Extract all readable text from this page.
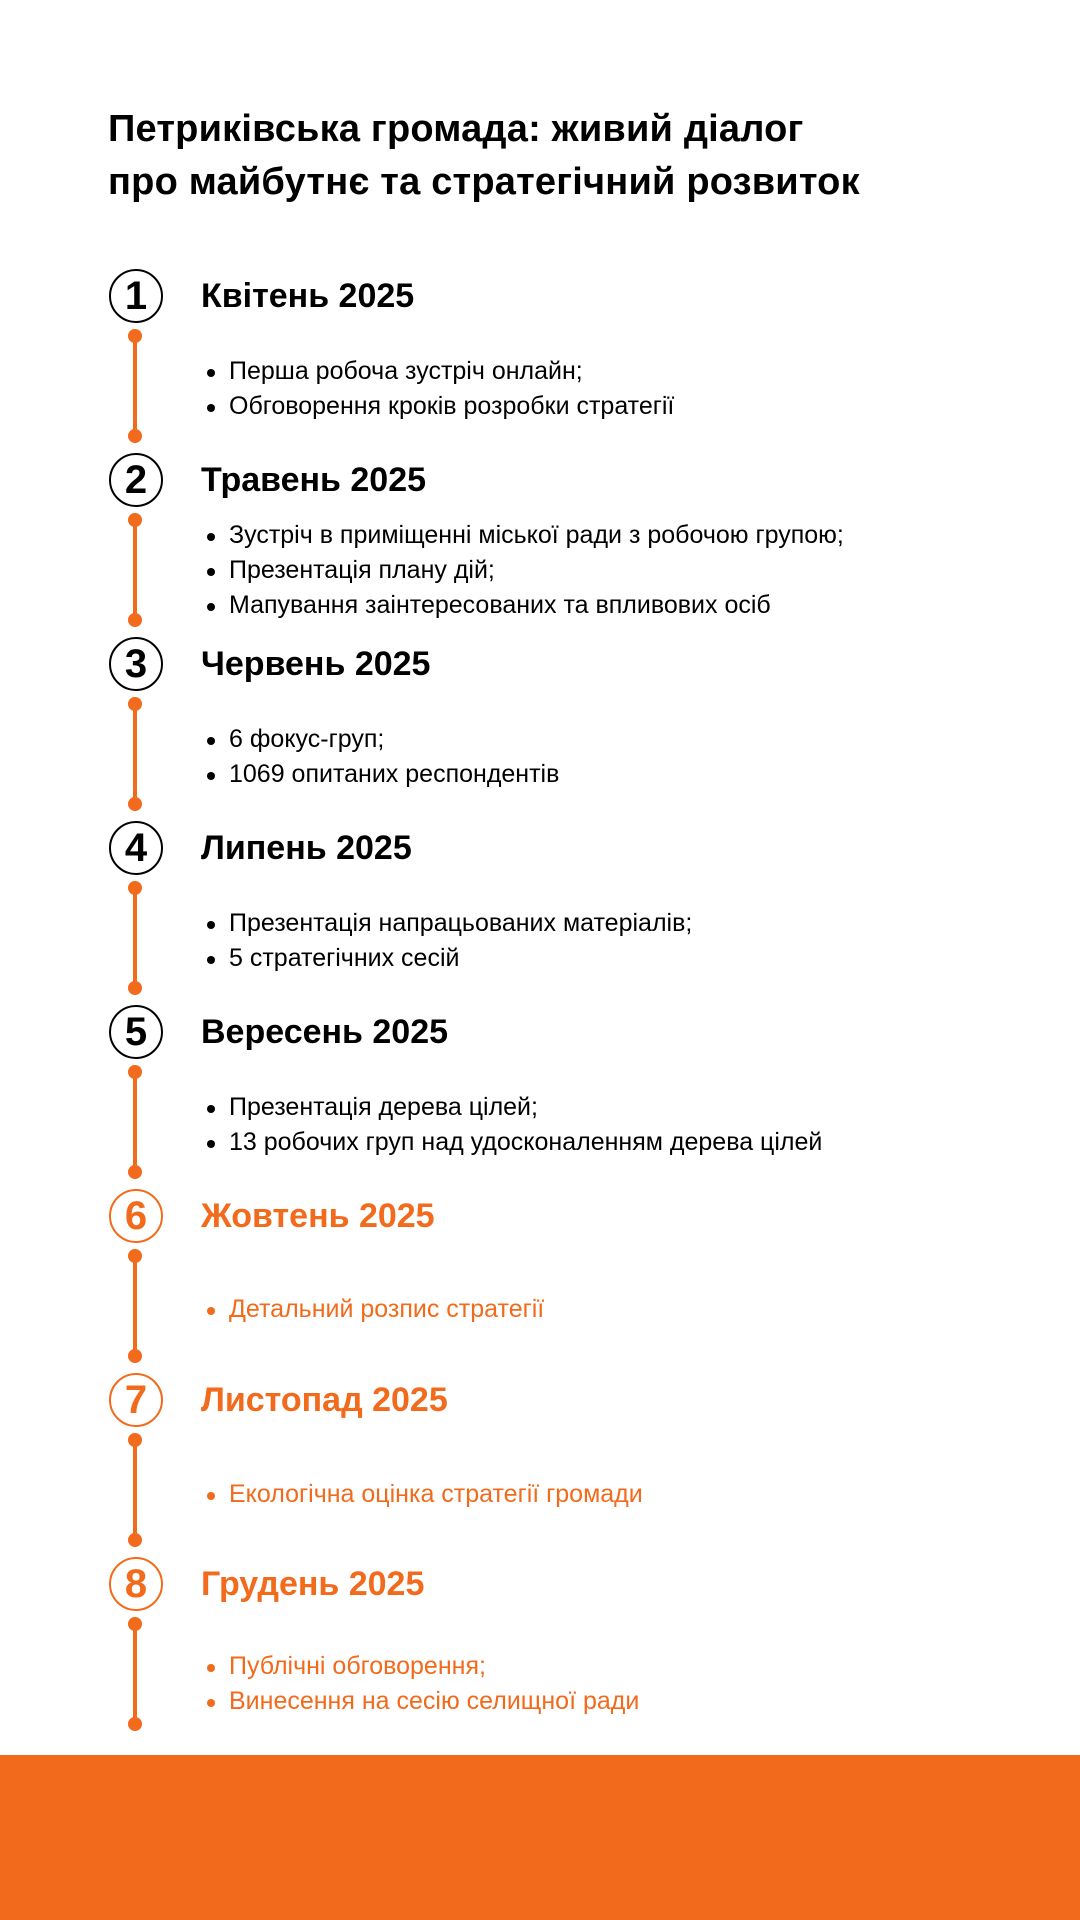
Петриківська громада: живий діалог
про майбутнє та стратегічний розвиток
1	Квітень 2025
Перша робоча зустріч онлайн;
Обговорення кроків розробки стратегії
2	Травень 2025
Зустріч в приміщенні міської ради з робочою групою;
Презентація плану дій;
Мапування заінтересованих та впливових осіб
3	Червень 2025
6 фокус-груп;
1069 опитаних респондентів
4	Липень 2025
Презентація напрацьованих матеріалів;
5 стратегічних сесій
5	Вересень 2025
Презентація дерева цілей;
13 робочих груп над удосконаленням дерева цілей
6	Жовтень 2025
Детальний розпис стратегії
7	Листопад 2025
Екологічна оцінка стратегії громади
8	Грудень 2025
Публічні обговорення;
Винесення на сесію селищної ради
